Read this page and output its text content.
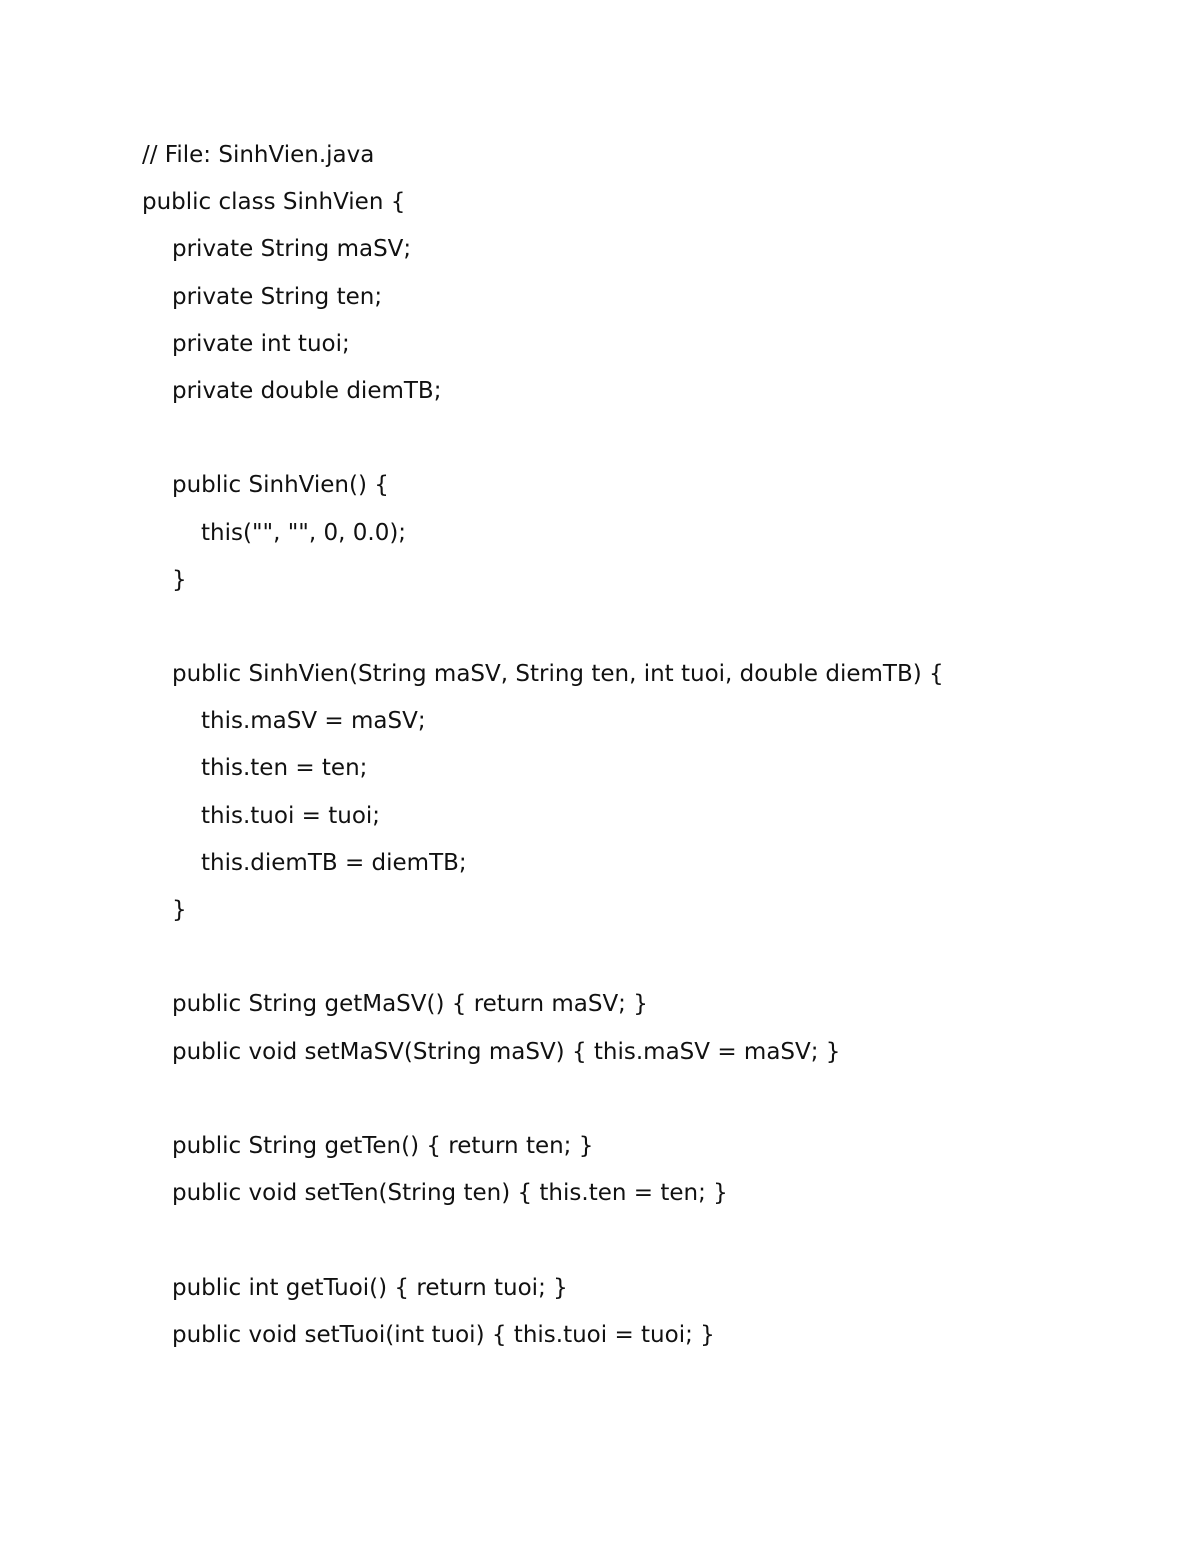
// File: SinhVien.java
public class SinhVien {
private String maSV;
private String ten;
private int tuoi;
private double diemTB;
public SinhVien() {
this("", "", 0, 0.0);
}
public SinhVien(String maSV, String ten, int tuoi, double diemTB) {
this.maSV = maSV;
this.ten = ten;
this.tuoi = tuoi;
this.diemTB = diemTB;
}
public String getMaSV() { return maSV; }
public void setMaSV(String maSV) { this.maSV = maSV; }
public String getTen() { return ten; }
public void setTen(String ten) { this.ten = ten; }
public int getTuoi() { return tuoi; }
public void setTuoi(int tuoi) { this.tuoi = tuoi; }
